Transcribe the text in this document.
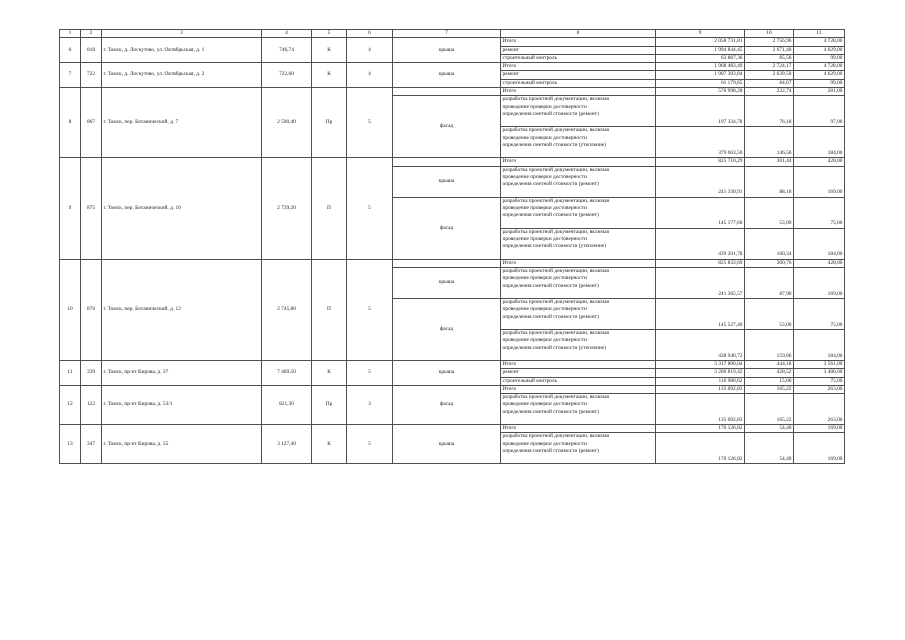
1	2	3	4	5	6	7	8	9	10	11
6	818	г. Томск, д. Лоскутово, ул. Октябрьская, д. 1	746,74	К	4	крыша	Итого	2 058 731,81	2 756,96	4 728,00
							ремонт	1 994 844,45	2 671,40	4 629,00
							строительный контроль	63 887,36	85,56	99,00
7	722	г. Томск, д. Лоскутово, ул. Октябрьская, д. 2	722,60	К	4	крыша	Итого	1 968 483,49	2 724,17	4 728,00
							ремонт	1 907 303,84	2 639,50	4 629,00
							строительный контроль	61 179,65	84,67	99,00
8	867	г. Томск, пер. Ботанический, д. 7	2 590,40	Пр	5		Итого	576 998,28	222,74	281,00
						фасад	разработка проектной документации, включая
проведение проверки достоверности
определения сметной стоимости (ремонт)	197 334,78	76,18	97,00

							разработка проектной документации, включая
проведение проверки достоверности
определения сметной стоимости (утепление)	379 663,50	146,56	184,00
9	875	г. Томск, пер. Ботанический, д. 10	2 739,20	П	5		Итого	825 710,29	301,44	428,00
						крыша	разработка проектной документации, включая
проведение проверки достоверности
определения сметной стоимости (ремонт)	241 330,91	88,10	169,00
						фасад	разработка проектной документации, включая
проведение проверки достоверности
определения сметной стоимости (ремонт)	145 177,60	53,00	75,00

							разработка проектной документации, включая
проведение проверки достоверности
определения сметной стоимости (утепление)	439 201,78	160,34	184,00
10	876	г. Томск, пер. Ботанический, д. 12	2 745,80	П	5		Итого	825 833,69	300,76	428,00
						крыша	разработка проектной документации, включая
проведение проверки достоверности
определения сметной стоимости (ремонт)	241 365,57	87,90	169,00
						фасад	разработка проектной документации, включая
проведение проверки достоверности
определения сметной стоимости (ремонт)	145 527,40	53,00	75,00

							разработка проектной документации, включая
проведение проверки достоверности
определения сметной стоимости (утепление)	438 940,72	159,86	184,00
11	339	г. Томск, пр-кт Кирова, д. 37	7 469,50	К	5	крыша	Итого	3 317 800,04	444,18	3 561,00
							ремонт	3 200 819,42	428,52	3 486,00
							строительный контроль	116 980,62	15,66	75,00
12	122	г. Томск, пр-кт Кирова, д. 53/1	821,30	Пр	3	фасад	Итого	135 692,83	165,22	263,00

							разработка проектной документации, включая
проведение проверки достоверности
определения сметной стоимости (ремонт)	135 692,83	165,22	263,00
13	347	г. Томск, пр-кт Кирова, д. 55	3 127,40	К	5	крыша	Итого	170 126,82	54,40	169,00

							разработка проектной документации, включая
проведение проверки достоверности
определения сметной стоимости (ремонт)	170 126,82	54,40	169,00
